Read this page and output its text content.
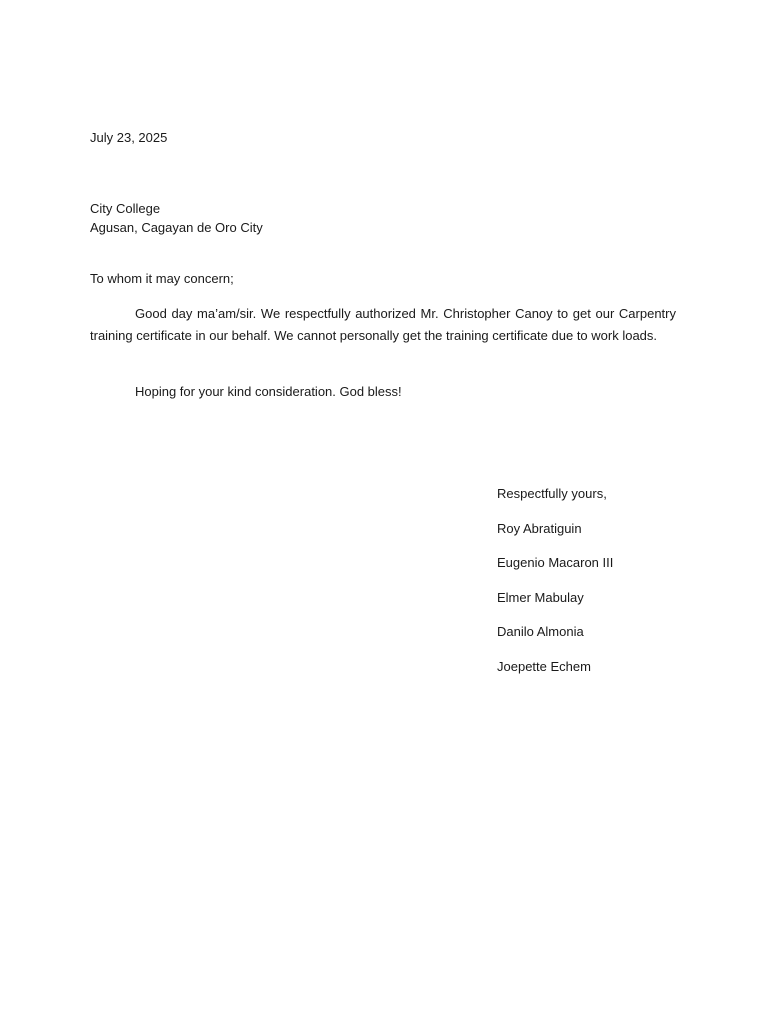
July 23, 2025
City College
Agusan, Cagayan de Oro City
To whom it may concern;

Good day ma’am/sir. We respectfully authorized Mr. Christopher Canoy to get our Carpentry training certificate in our behalf. We cannot personally get the training certificate due to work loads.

Hoping for your kind consideration. God bless!

Respectfully yours,
Roy Abratiguin
Eugenio Macaron III
Elmer Mabulay
Danilo Almonia
Joepette Echem
